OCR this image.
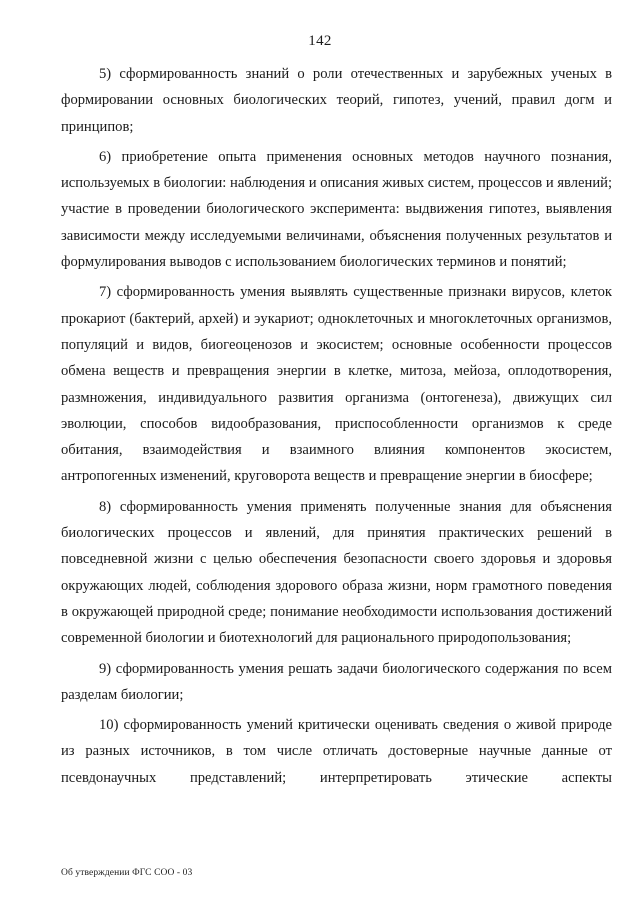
142

5) сформированность знаний о роли отечественных и зарубежных ученых в формировании основных биологических теорий, гипотез, учений, правил догм и принципов;

6) приобретение опыта применения основных методов научного познания, используемых в биологии: наблюдения и описания живых систем, процессов и явлений; участие в проведении биологического эксперимента: выдвижения гипотез, выявления зависимости между исследуемыми величинами, объяснения полученных результатов и формулирования выводов с использованием биологических терминов и понятий;

7) сформированность умения выявлять существенные признаки вирусов, клеток прокариот (бактерий, архей) и эукариот; одноклеточных и многоклеточных организмов, популяций и видов, биогеоценозов и экосистем; основные особенности процессов обмена веществ и превращения энергии в клетке, митоза, мейоза, оплодотворения, размножения, индивидуального развития организма (онтогенеза), движущих сил эволюции, способов видообразования, приспособленности организмов к среде обитания, взаимодействия и взаимного влияния компонентов экосистем, антропогенных изменений, круговорота веществ и превращение энергии в биосфере;

8) сформированность умения применять полученные знания для объяснения биологических процессов и явлений, для принятия практических решений в повседневной жизни с целью обеспечения безопасности своего здоровья и здоровья окружающих людей, соблюдения здорового образа жизни, норм грамотного поведения в окружающей природной среде; понимание необходимости использования достижений современной биологии и биотехнологий для рационального природопользования;

9) сформированность умения решать задачи биологического содержания по всем разделам биологии;

10) сформированность умений критически оценивать сведения о живой природе из разных источников, в том числе отличать достоверные научные данные от псевдонаучных представлений; интерпретировать этические аспекты

Об утверждении ФГС СОО - 03
